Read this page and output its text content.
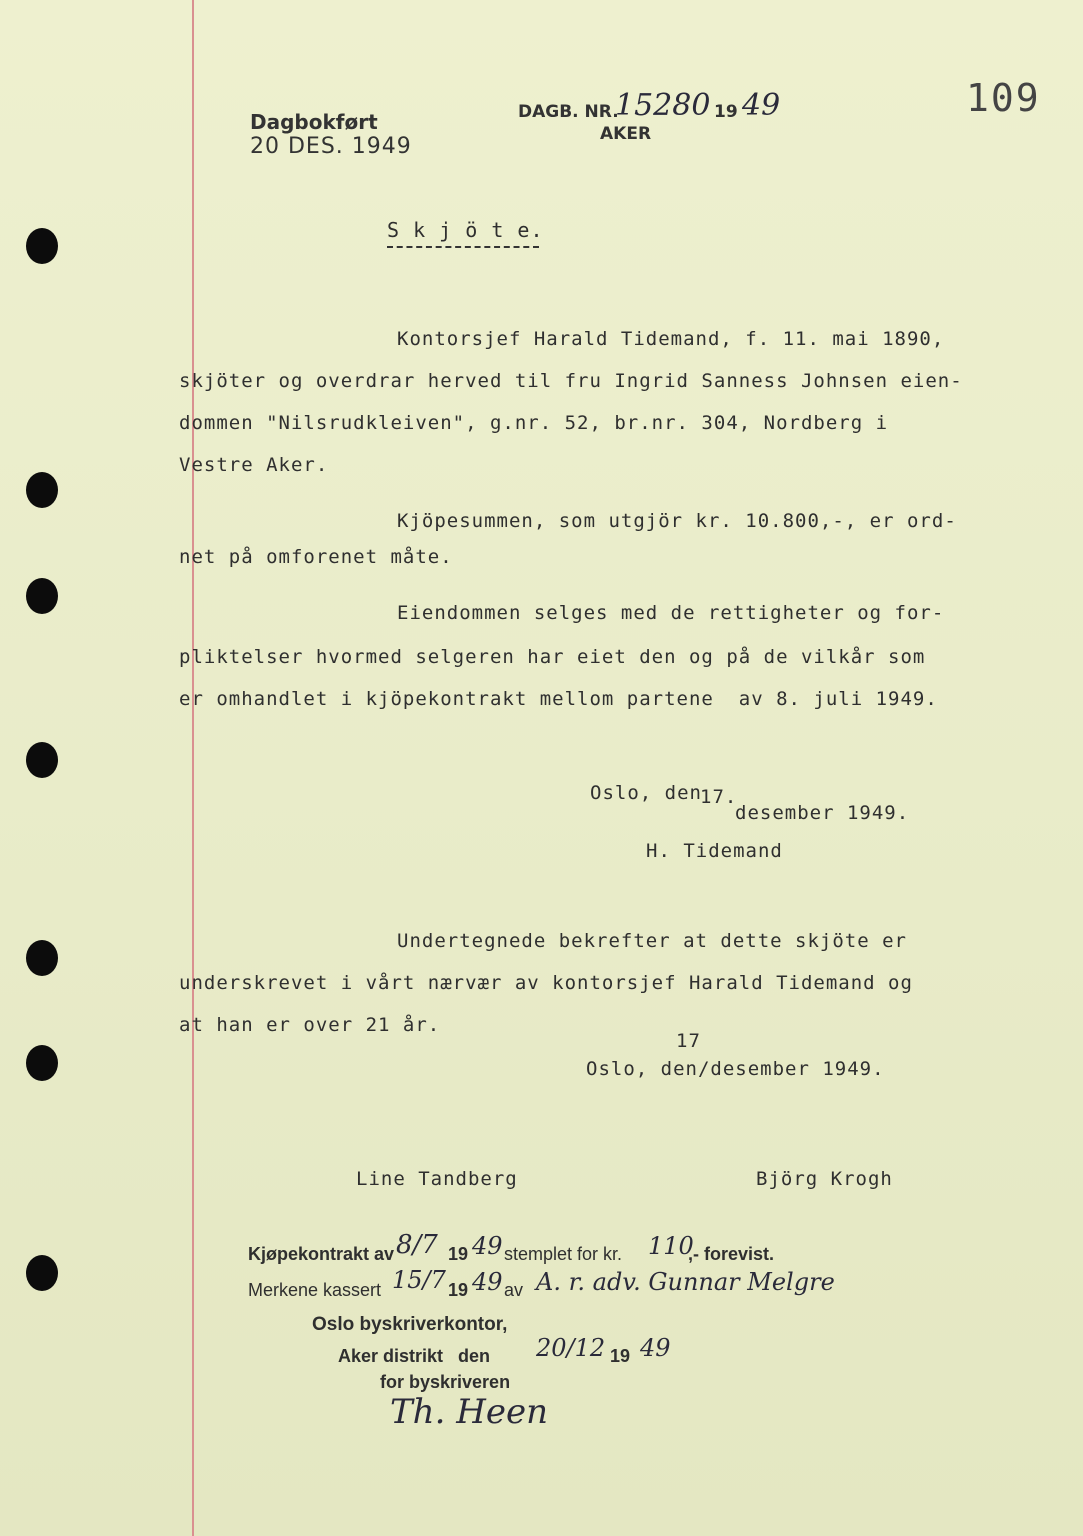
Dagbokført
20 DES. 1949
DAGB. NR.
15280 19 49
AKER
109
S k j ö t e.
Kontorsjef Harald Tidemand, f. 11. mai 1890,
skjöter og overdrar herved til fru Ingrid Sanness Johnsen eien-
dommen "Nilsrudkleiven", g.nr. 52, br.nr. 304, Nordberg i
Vestre Aker.
Kjöpesummen, som utgjör kr. 10.800,-, er ord-
net på omforenet måte.
Eiendommen selges med de rettigheter og for-
pliktelser hvormed selgeren har eiet den og på de vilkår som
er omhandlet i kjöpekontrakt mellom partene  av 8. juli 1949.
Oslo, den
17.
desember 1949.
H. Tidemand
Undertegnede bekrefter at dette skjöte er
underskrevet i vårt nærvær av kontorsjef Harald Tidemand og
at han er over 21 år.
17
Oslo, den/desember 1949.
Line Tandberg	Björg Krogh
Kjøpekontrakt av 8/7 19 49 stemplet for kr. 110
,- forevist.
Merkene kassert 15/7 19 49 av A. r. adv. Gunnar Melgre
Oslo byskriverkontor,
Aker distrikt   den 20/12 19 49
for byskriveren
Th. Heen
